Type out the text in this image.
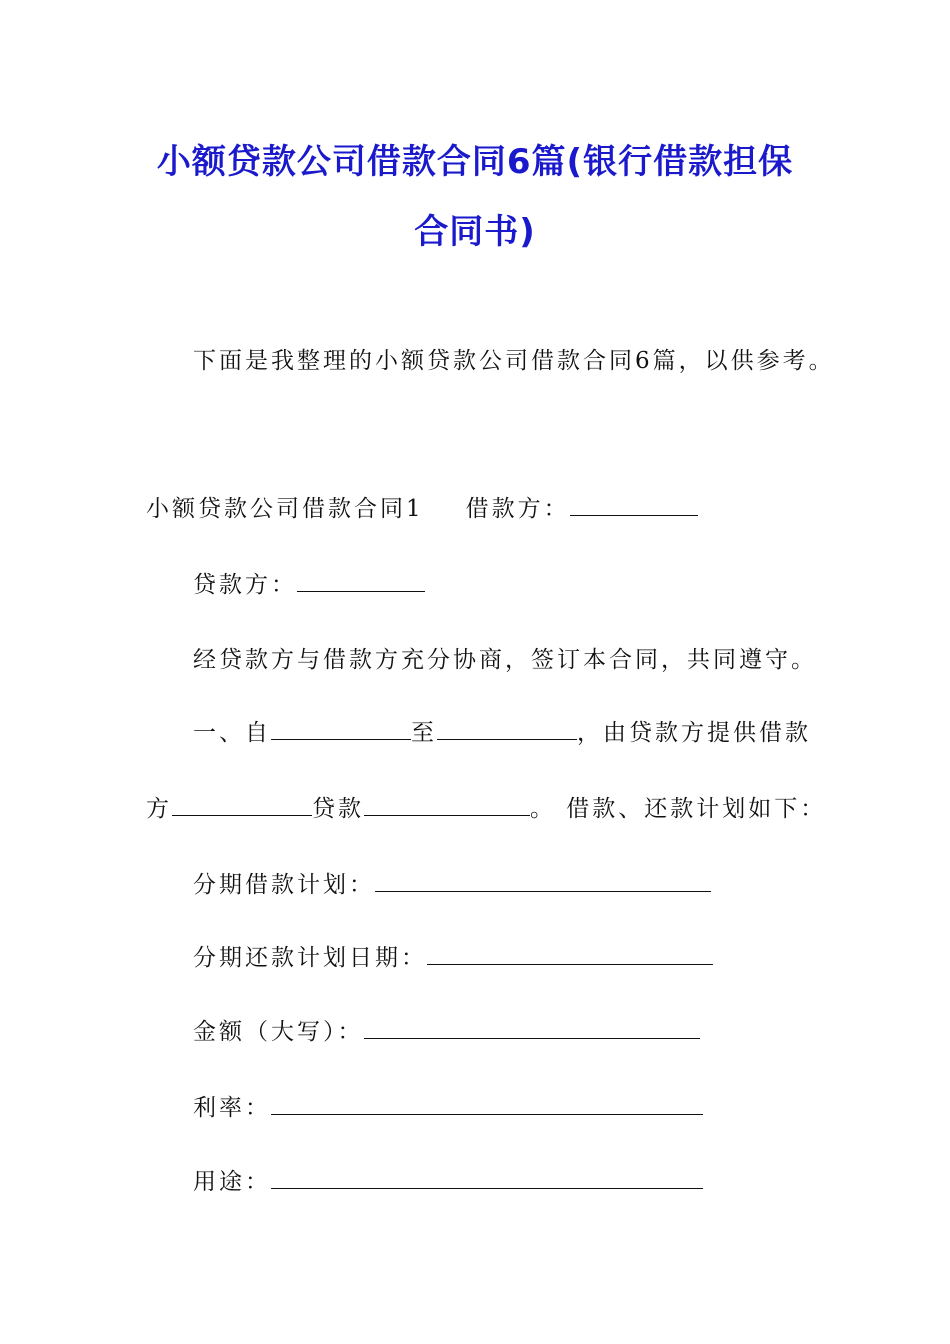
小额贷款公司借款合同6篇(银行借款担保
合同书)
下面是我整理的小额贷款公司借款合同6篇，以供参考。
小额贷款公司借款合同1 借款方：
贷款方：
经贷款方与借款方充分协商，签订本合同，共同遵守。
一、自	至	，由贷款方提供借款
方	贷款	。 借款、还款计划如下：
分期借款计划：
分期还款计划日期：
金额（大写）：
利率：
用途：
